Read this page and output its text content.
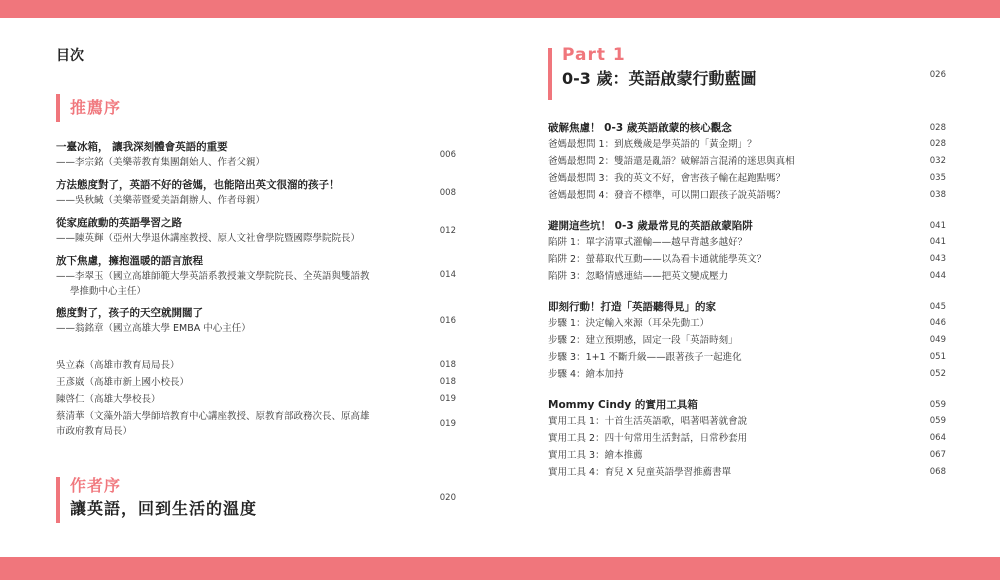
目次
推薦序
一臺冰箱， 讓我深刻體會英語的重要
——李宗銘（美樂蒂教育集團創始人、作者父親）
006
方法態度對了，英語不好的爸媽，也能陪出英文很溜的孩子！
——吳秋緘（美樂蒂暨愛美語創辦人、作者母親）
008
從家庭啟動的英語學習之路
——陳英輝（亞州大學退休講座教授、原人文社會學院暨國際學院院長）
012
放下焦慮，擁抱溫暖的語言旅程
——李翠玉（國立高雄師範大學英語系教授兼文學院院長、全英語與雙語教
學推動中心主任）
014
態度對了，孩子的天空就開闊了
——翁銘章（國立高雄大學 EMBA 中心主任）
016
吳立森（高雄市教育局局長）	018
王彥崴（高雄市新上國小校長）	018
陳啓仁（高雄大學校長）	019
蔡清華（文藻外語大學師培教育中心講座教授、原教育部政務次長、原高雄
市政府教育局長）
019
作者序
讓英語，回到生活的溫度
020
Part 1
0-3 歲：英語啟蒙行動藍圖	026
破解焦慮！ 0-3 歲英語啟蒙的核心觀念	028
爸媽最想問 1：到底幾歲是學英語的「黃金期」？	028
爸媽最想問 2：雙語還是亂語？破解語言混淆的迷思與真相	032
爸媽最想問 3：我的英文不好，會害孩子輸在起跑點嗎？	035
爸媽最想問 4：發音不標準，可以開口跟孩子說英語嗎？	038
避開這些坑！ 0-3 歲最常見的英語啟蒙陷阱	041
陷阱 1：單字清單式灌輸——越早背越多越好？	041
陷阱 2：螢幕取代互動——以為看卡通就能學英文？	043
陷阱 3：忽略情感連結——把英文變成壓力	044
即刻行動！打造「英語聽得見」的家	045
步驟 1：決定輸入來源（耳朵先動工）	046
步驟 2：建立預期感，固定一段「英語時刻」	049
步驟 3：1+1 不斷升級——跟著孩子一起進化	051
步驟 4：繪本加持	052
Mommy Cindy 的實用工具箱	059
實用工具 1：十首生活英語歌，唱著唱著就會說	059
實用工具 2：四十句常用生活對話，日常秒套用	064
實用工具 3：繪本推薦	067
實用工具 4：育兒 X 兒童英語學習推薦書單	068
